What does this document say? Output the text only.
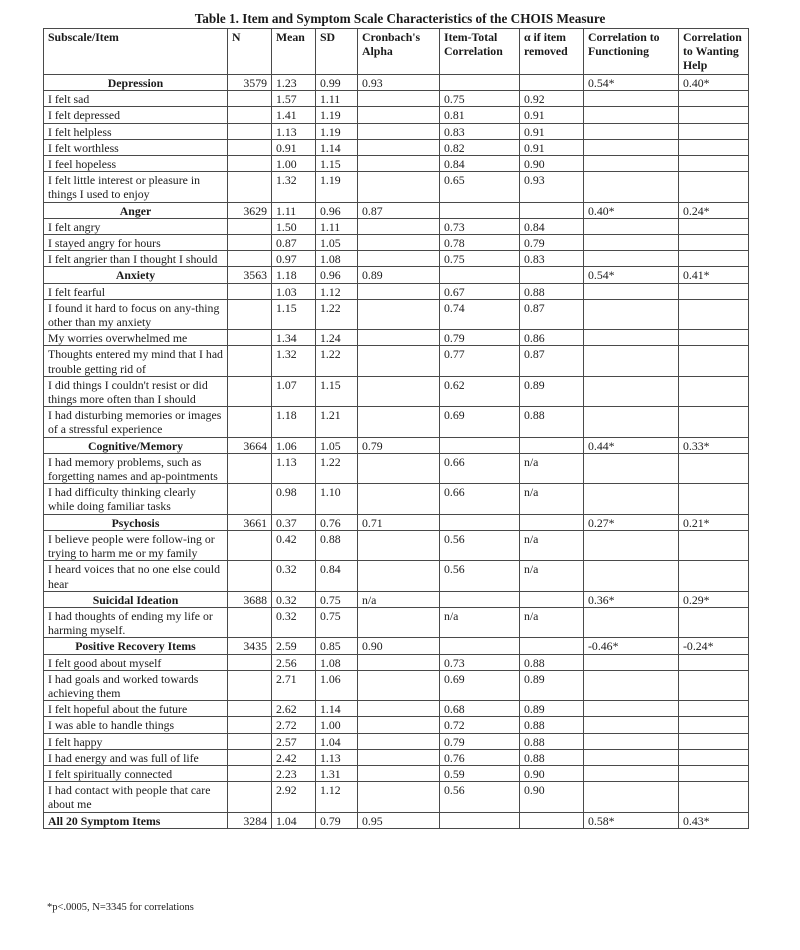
Table 1. Item and Symptom Scale Characteristics of the CHOIS Measure
Subscale/Item	N	Mean	SD	Cronbach's Alpha	Item-Total Correlation	α if item removed	Correlation to Functioning	Correlation to Wanting Help
Depression	3579	1.23	0.99	0.93			0.54*	0.40*
I felt sad		1.57	1.11		0.75	0.92		
I felt depressed		1.41	1.19		0.81	0.91		
I felt helpless		1.13	1.19		0.83	0.91		
I felt worthless		0.91	1.14		0.82	0.91		
I feel hopeless		1.00	1.15		0.84	0.90		
I felt little interest or pleasure in things I used to enjoy		1.32	1.19		0.65	0.93		
Anger	3629	1.11	0.96	0.87			0.40*	0.24*
I felt angry		1.50	1.11		0.73	0.84		
I stayed angry for hours		0.87	1.05		0.78	0.79		
I felt angrier than I thought I should		0.97	1.08		0.75	0.83		
Anxiety	3563	1.18	0.96	0.89			0.54*	0.41*
I felt fearful		1.03	1.12		0.67	0.88		
I found it hard to focus on any-thing other than my anxiety		1.15	1.22		0.74	0.87		
My worries overwhelmed me		1.34	1.24		0.79	0.86		
Thoughts entered my mind that I had trouble getting rid of		1.32	1.22		0.77	0.87		
I did things I couldn't resist or did things more often than I should		1.07	1.15		0.62	0.89		
I had disturbing memories or images of a stressful experience		1.18	1.21		0.69	0.88		
Cognitive/Memory	3664	1.06	1.05	0.79			0.44*	0.33*
I had memory problems, such as forgetting names and ap-pointments		1.13	1.22		0.66	n/a		
I had difficulty thinking clearly while doing familiar tasks		0.98	1.10		0.66	n/a		
Psychosis	3661	0.37	0.76	0.71			0.27*	0.21*
I believe people were follow-ing or trying to harm me or my family		0.42	0.88		0.56	n/a		
I heard voices that no one else could hear		0.32	0.84		0.56	n/a		
Suicidal Ideation	3688	0.32	0.75	n/a			0.36*	0.29*
I had thoughts of ending my life or harming myself.		0.32	0.75		n/a	n/a		
Positive Recovery Items	3435	2.59	0.85	0.90			-0.46*	-0.24*
I felt good about myself		2.56	1.08		0.73	0.88		
I had goals and worked towards achieving them		2.71	1.06		0.69	0.89		
I felt hopeful about the future		2.62	1.14		0.68	0.89		
I was able to handle things		2.72	1.00		0.72	0.88		
I felt happy		2.57	1.04		0.79	0.88		
I had energy and was full of life		2.42	1.13		0.76	0.88		
I felt spiritually connected		2.23	1.31		0.59	0.90		
I had contact with people that care about me		2.92	1.12		0.56	0.90		
All 20 Symptom Items	3284	1.04	0.79	0.95			0.58*	0.43*
*p<.0005, N=3345 for correlations
